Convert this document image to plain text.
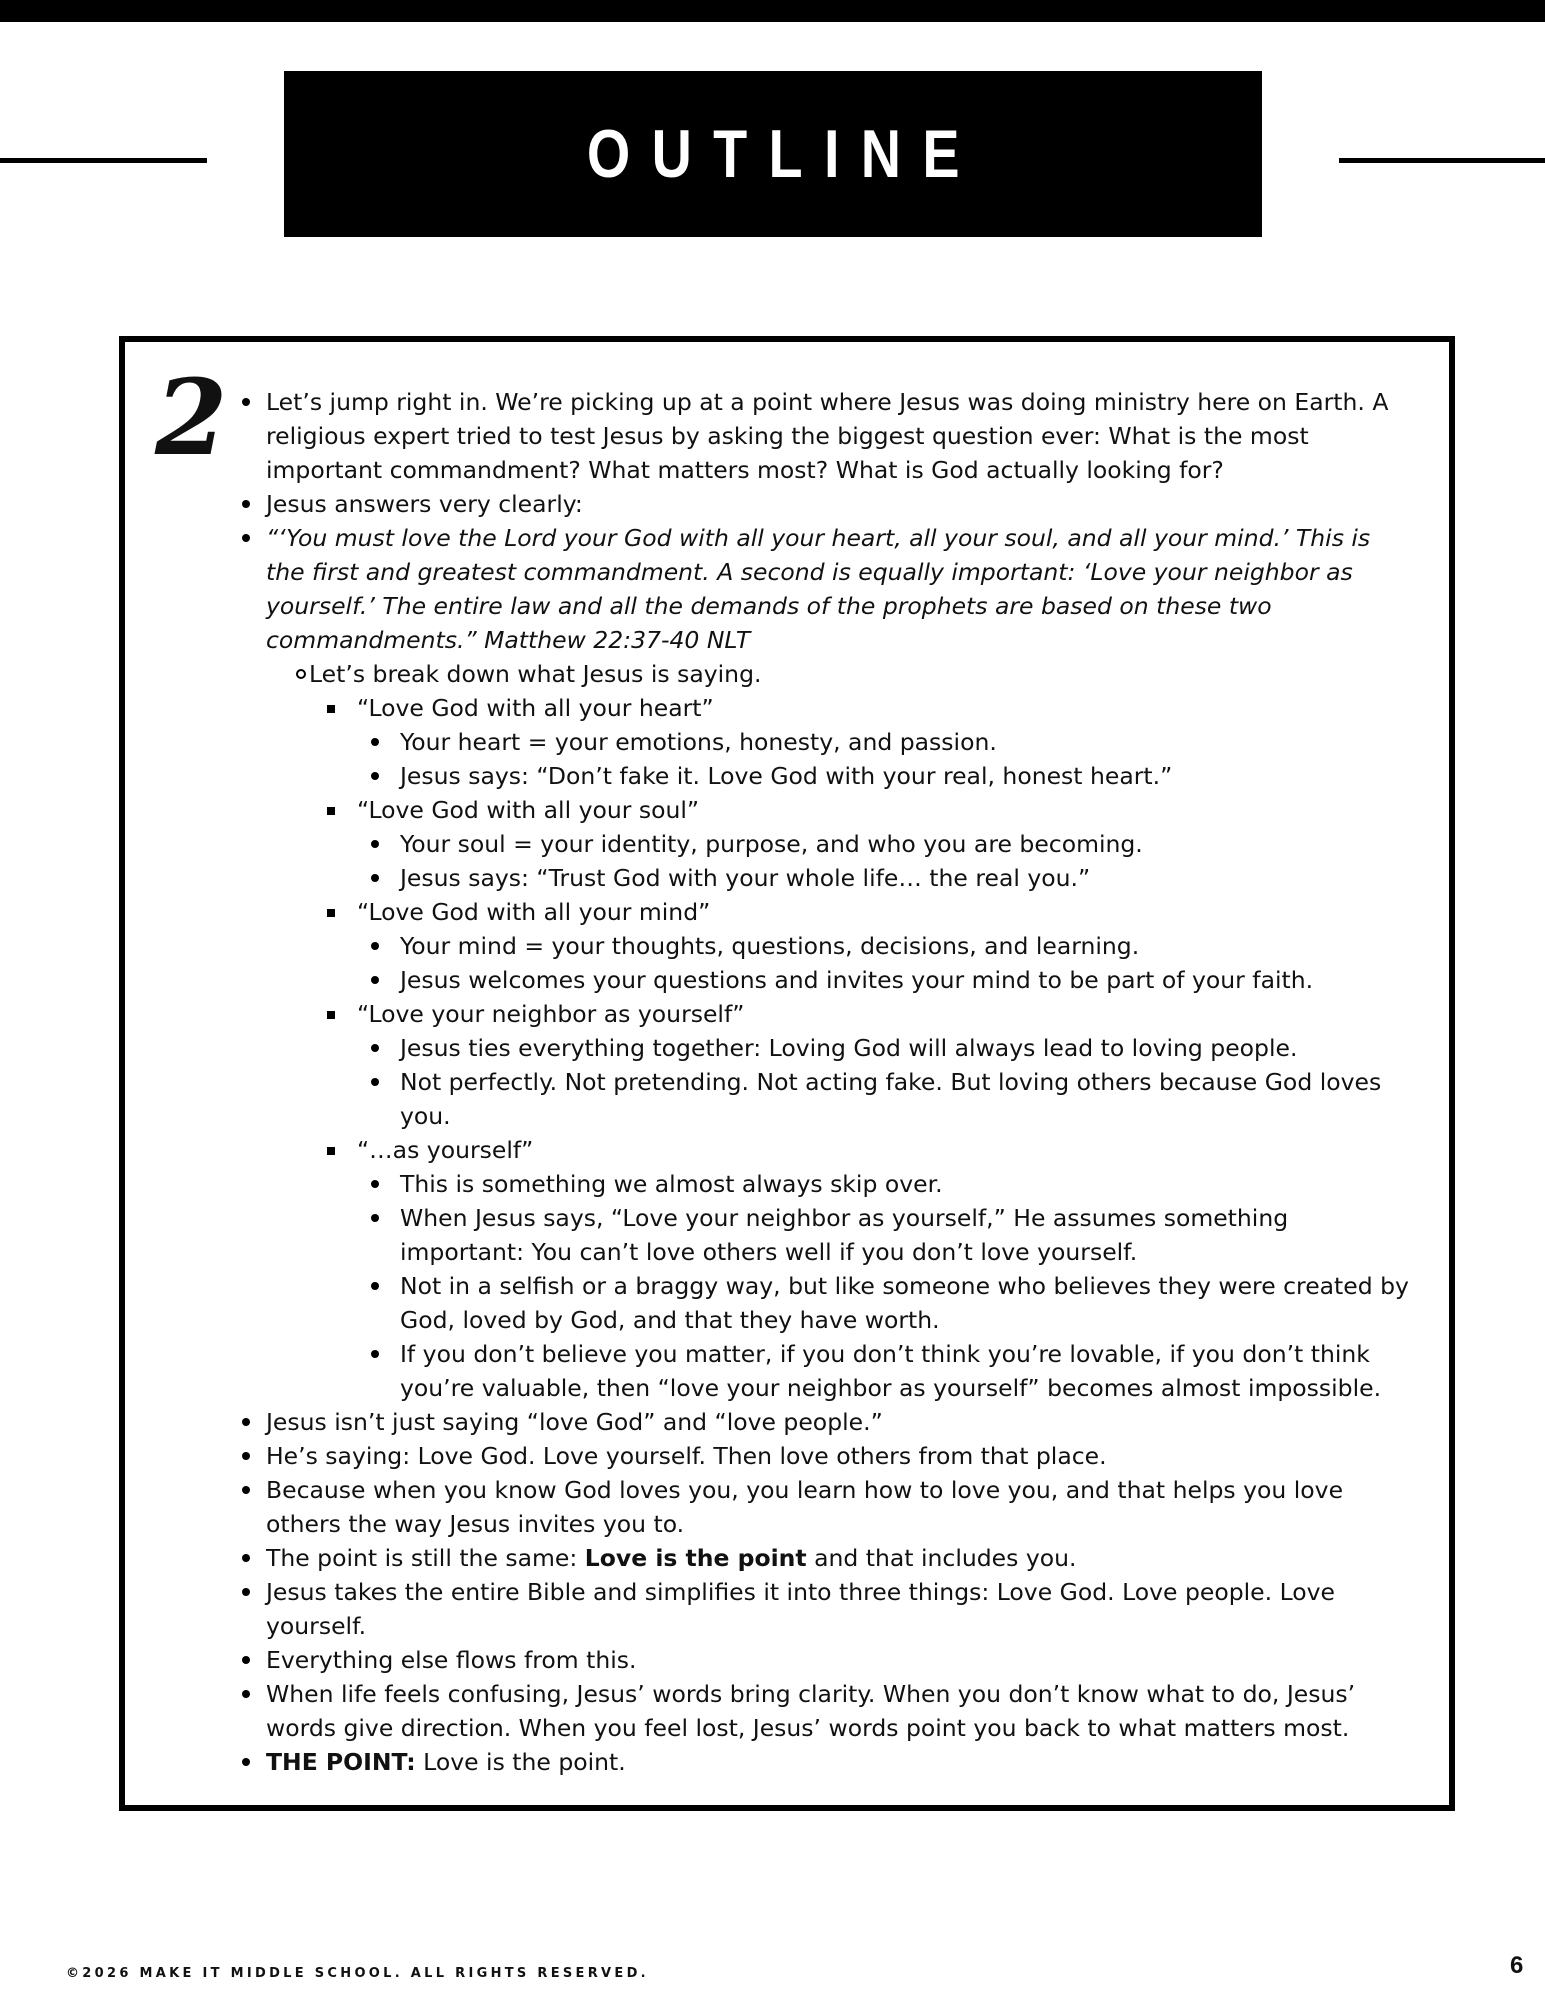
OUTLINE
2 Let’s jump right in. We’re picking up at a point where Jesus was doing ministry here on Earth. A
religious expert tried to test Jesus by asking the biggest question ever: What is the most
important commandment? What matters most? What is God actually looking for?
Jesus answers very clearly:
“‘You must love the Lord your God with all your heart, all your soul, and all your mind.’ This is
the first and greatest commandment. A second is equally important: ‘Love your neighbor as
yourself.’ The entire law and all the demands of the prophets are based on these two
commandments.” Matthew 22:37-40 NLT
Let’s break down what Jesus is saying.
“Love God with all your heart”
Your heart = your emotions, honesty, and passion.
Jesus says: “Don’t fake it. Love God with your real, honest heart.”
“Love God with all your soul”
Your soul = your identity, purpose, and who you are becoming.
Jesus says: “Trust God with your whole life… the real you.”
“Love God with all your mind”
Your mind = your thoughts, questions, decisions, and learning.
Jesus welcomes your questions and invites your mind to be part of your faith.
“Love your neighbor as yourself”
Jesus ties everything together: Loving God will always lead to loving people.
Not perfectly. Not pretending. Not acting fake. But loving others because God loves
you.
“…as yourself”
This is something we almost always skip over.
When Jesus says, “Love your neighbor as yourself,” He assumes something
important: You can’t love others well if you don’t love yourself.
Not in a selfish or a braggy way, but like someone who believes they were created by
God, loved by God, and that they have worth.
If you don’t believe you matter, if you don’t think you’re lovable, if you don’t think
you’re valuable, then “love your neighbor as yourself” becomes almost impossible.
Jesus isn’t just saying “love God” and “love people.”
He’s saying: Love God. Love yourself. Then love others from that place.
Because when you know God loves you, you learn how to love you, and that helps you love
others the way Jesus invites you to.
The point is still the same: Love is the point and that includes you.
Jesus takes the entire Bible and simplifies it into three things: Love God. Love people. Love
yourself.
Everything else flows from this.
When life feels confusing, Jesus’ words bring clarity. When you don’t know what to do, Jesus’
words give direction. When you feel lost, Jesus’ words point you back to what matters most.
THE POINT: Love is the point.
©2026 MAKE IT MIDDLE SCHOOL. ALL RIGHTS RESERVED.	6
